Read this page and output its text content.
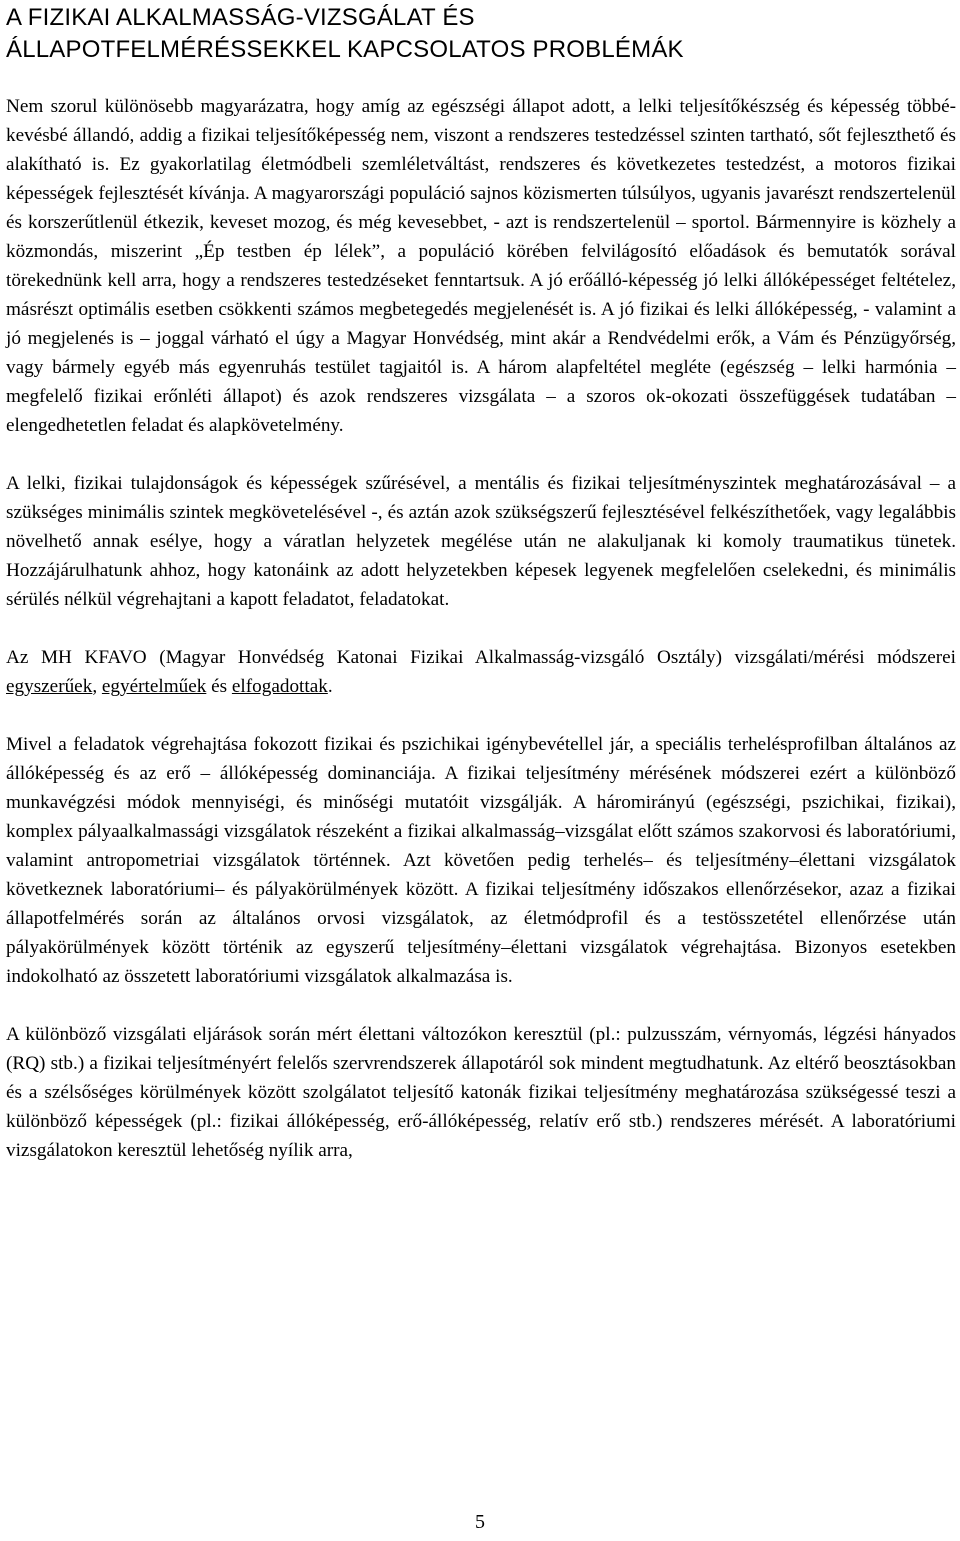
A FIZIKAI ALKALMASSÁG-VIZSGÁLAT ÉS
ÁLLAPOTFELMÉRÉSSEKKEL KAPCSOLATOS PROBLÉMÁK

Nem szorul különösebb magyarázatra, hogy amíg az egészségi állapot adott, a lelki teljesítőkészség és képesség többé-kevésbé állandó, addig a fizikai teljesítőképesség nem, viszont a rendszeres testedzéssel szinten tartható, sőt fejleszthető és alakítható is. Ez gyakorlatilag életmódbeli szemléletváltást, rendszeres és következetes testedzést, a motoros fizikai képességek fejlesztését kívánja. A magyarországi populáció sajnos közismerten túlsúlyos, ugyanis javarészt rendszertelenül és korszerűtlenül étkezik, keveset mozog, és még kevesebbet, - azt is rendszertelenül – sportol. Bármennyire is közhely a közmondás, miszerint „Ép testben ép lélek”, a populáció körében felvilágosító előadások és bemutatók sorával törekednünk kell arra, hogy a rendszeres testedzéseket fenntartsuk. A jó erőálló-képesség jó lelki állóképességet feltételez, másrészt optimális esetben csökkenti számos megbetegedés megjelenését is. A jó fizikai és lelki állóképesség, - valamint a jó megjelenés is – joggal várható el úgy a Magyar Honvédség, mint akár a Rendvédelmi erők, a Vám és Pénzügyőrség, vagy bármely egyéb más egyenruhás testület tagjaitól is. A három alapfeltétel megléte (egészség – lelki harmónia – megfelelő fizikai erőnléti állapot) és azok rendszeres vizsgálata – a szoros ok-okozati összefüggések tudatában – elengedhetetlen feladat és alapkövetelmény.

A lelki, fizikai tulajdonságok és képességek szűrésével, a mentális és fizikai teljesítményszintek meghatározásával – a szükséges minimális szintek megkövetelésével -, és aztán azok szükségszerű fejlesztésével felkészíthetőek, vagy legalábbis növelhető annak esélye, hogy a váratlan helyzetek megélése után ne alakuljanak ki komoly traumatikus tünetek. Hozzájárulhatunk ahhoz, hogy katonáink az adott helyzetekben képesek legyenek megfelelően cselekedni, és minimális sérülés nélkül végrehajtani a kapott feladatot, feladatokat.

Az MH KFAVO (Magyar Honvédség Katonai Fizikai Alkalmasság-vizsgáló Osztály) vizsgálati/mérési módszerei egyszerűek, egyértelműek és elfogadottak.

Mivel a feladatok végrehajtása fokozott fizikai és pszichikai igénybevétellel jár, a speciális terhelésprofilban általános az állóképesség és az erő – állóképesség dominanciája. A fizikai teljesítmény mérésének módszerei ezért a különböző munkavégzési módok mennyiségi, és minőségi mutatóit vizsgálják. A háromirányú (egészségi, pszichikai, fizikai), komplex pályaalkalmassági vizsgálatok részeként a fizikai alkalmasság–vizsgálat előtt számos szakorvosi és laboratóriumi, valamint antropometriai vizsgálatok történnek. Azt követően pedig terhelés– és teljesítmény–élettani vizsgálatok következnek laboratóriumi– és pályakörülmények között. A fizikai teljesítmény időszakos ellenőrzésekor, azaz a fizikai állapotfelmérés során az általános orvosi vizsgálatok, az életmódprofil és a testösszetétel ellenőrzése után pályakörülmények között történik az egyszerű teljesítmény–élettani vizsgálatok végrehajtása. Bizonyos esetekben indokolható az összetett laboratóriumi vizsgálatok alkalmazása is.

A különböző vizsgálati eljárások során mért élettani változókon keresztül (pl.: pulzusszám, vérnyomás, légzési hányados (RQ) stb.) a fizikai teljesítményért felelős szervrendszerek állapotáról sok mindent megtudhatunk. Az eltérő beosztásokban és a szélsőséges körülmények között szolgálatot teljesítő katonák fizikai teljesítmény meghatározása szükségessé teszi a különböző képességek (pl.: fizikai állóképesség, erő-állóképesség, relatív erő stb.) rendszeres mérését. A laboratóriumi vizsgálatokon keresztül lehetőség nyílik arra,

5
